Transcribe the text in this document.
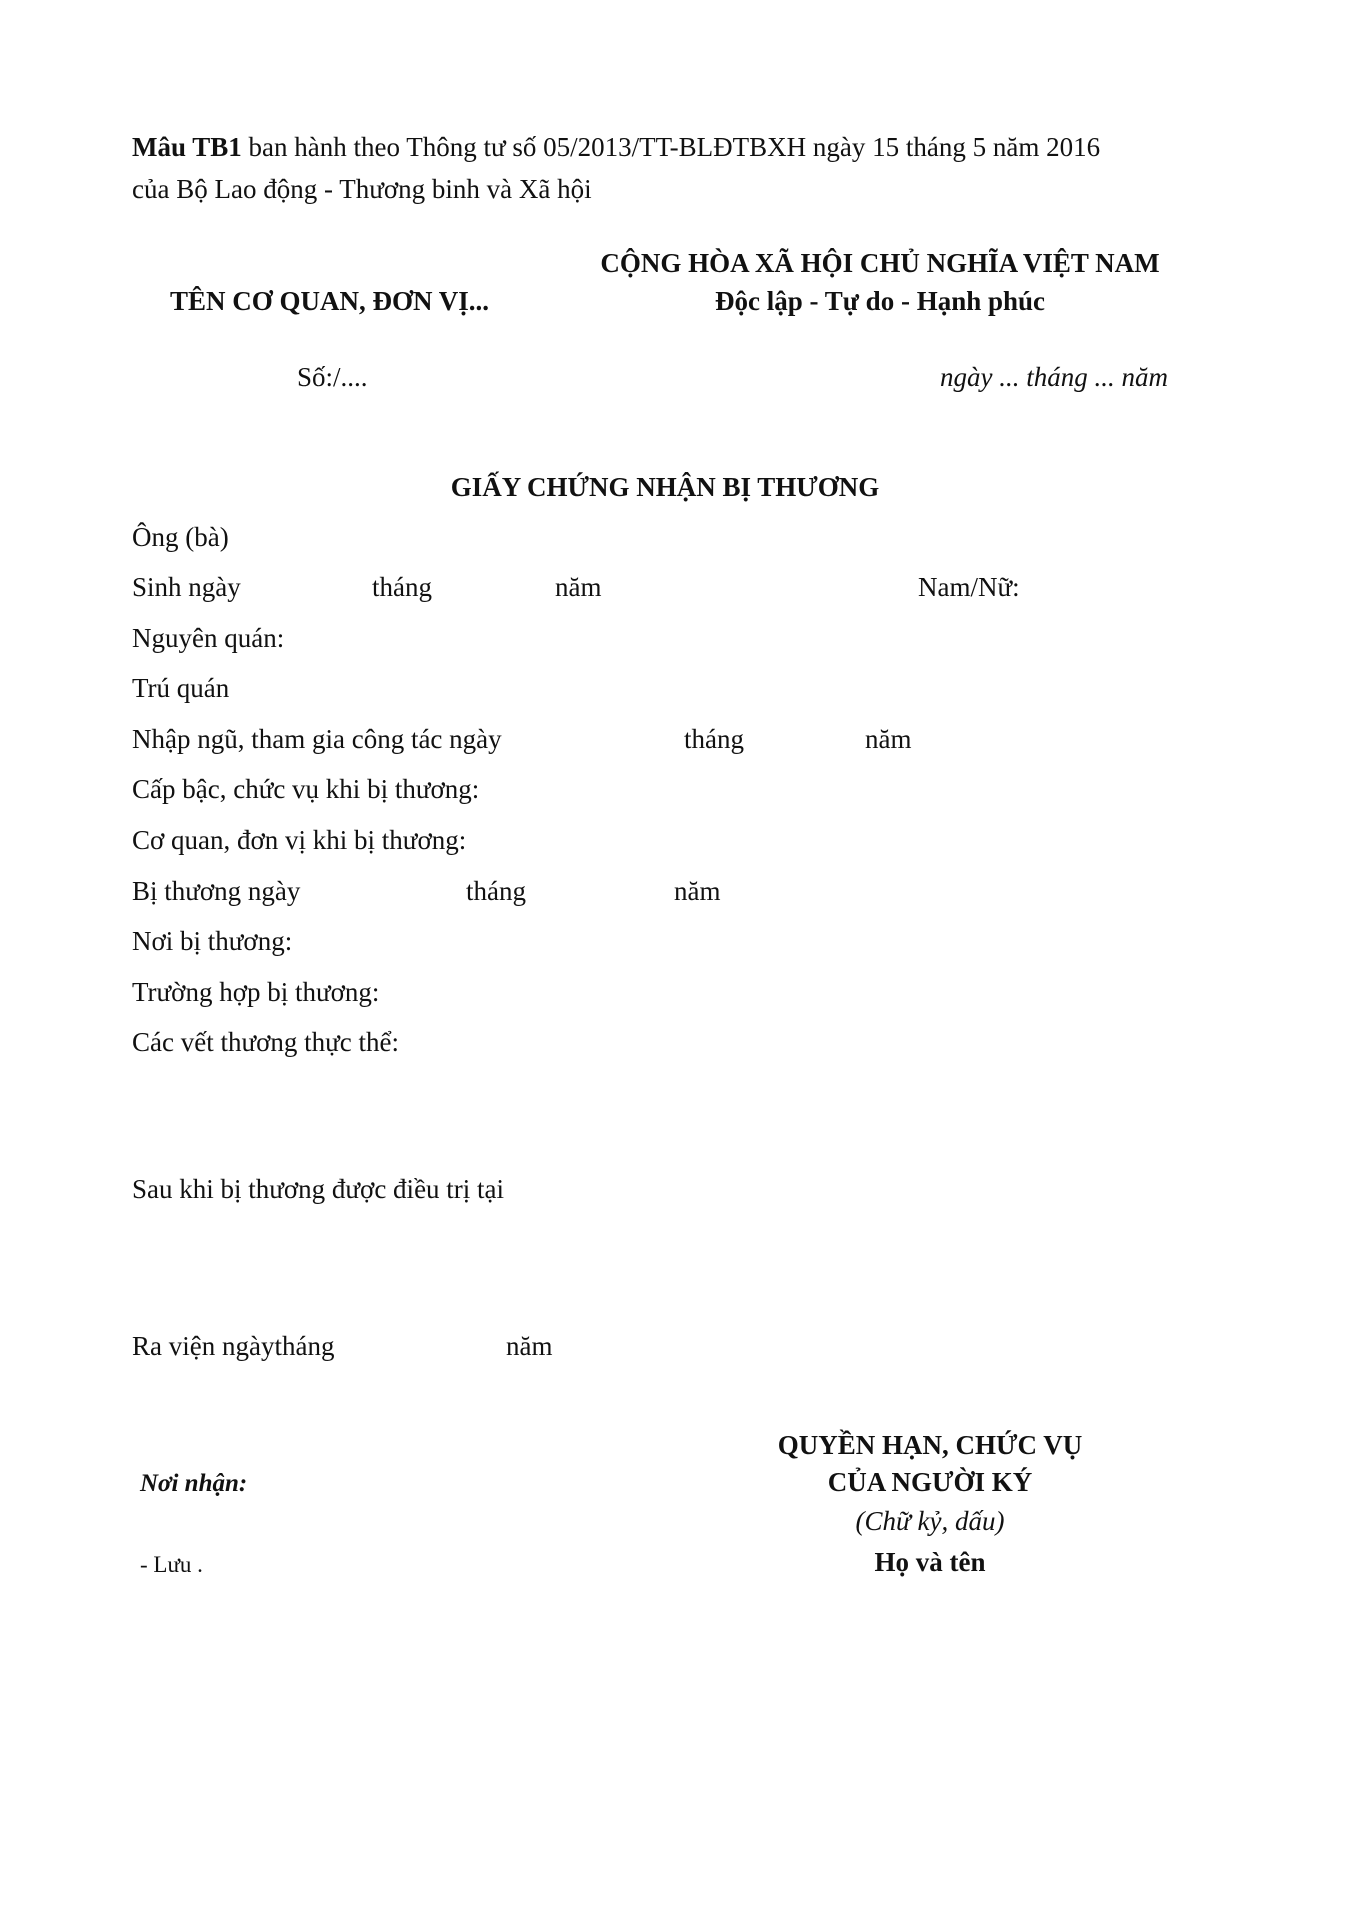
Mâu TB1 ban hành theo Thông tư số 05/2013/TT-BLĐTBXH ngày 15 tháng 5 năm 2016
của Bộ Lao động - Thương binh và Xã hội
CỘNG HÒA XÃ HỘI CHỦ NGHĨA VIỆT NAM
Độc lập - Tự do - Hạnh phúc
TÊN CƠ QUAN, ĐƠN VỊ...
Số:/....	ngày ... tháng ... năm
GIẤY CHỨNG NHẬN BỊ THƯƠNG
Ông (bà)
Sinh ngày	tháng	năm	Nam/Nữ:
Nguyên quán:
Trú quán
Nhập ngũ, tham gia công tác ngày	tháng	năm
Cấp bậc, chức vụ khi bị thương:
Cơ quan, đơn vị khi bị thương:
Bị thương ngày	tháng	năm
Nơi bị thương:
Trường hợp bị thương:
Các vết thương thực thể:
Sau khi bị thương được điều trị tại
Ra viện ngàytháng	năm
QUYỀN HẠN, CHỨC VỤ
CỦA NGƯỜI KÝ
(Chữ kỷ, dấu)
Họ và tên
Nơi nhận:
- Lưu .
